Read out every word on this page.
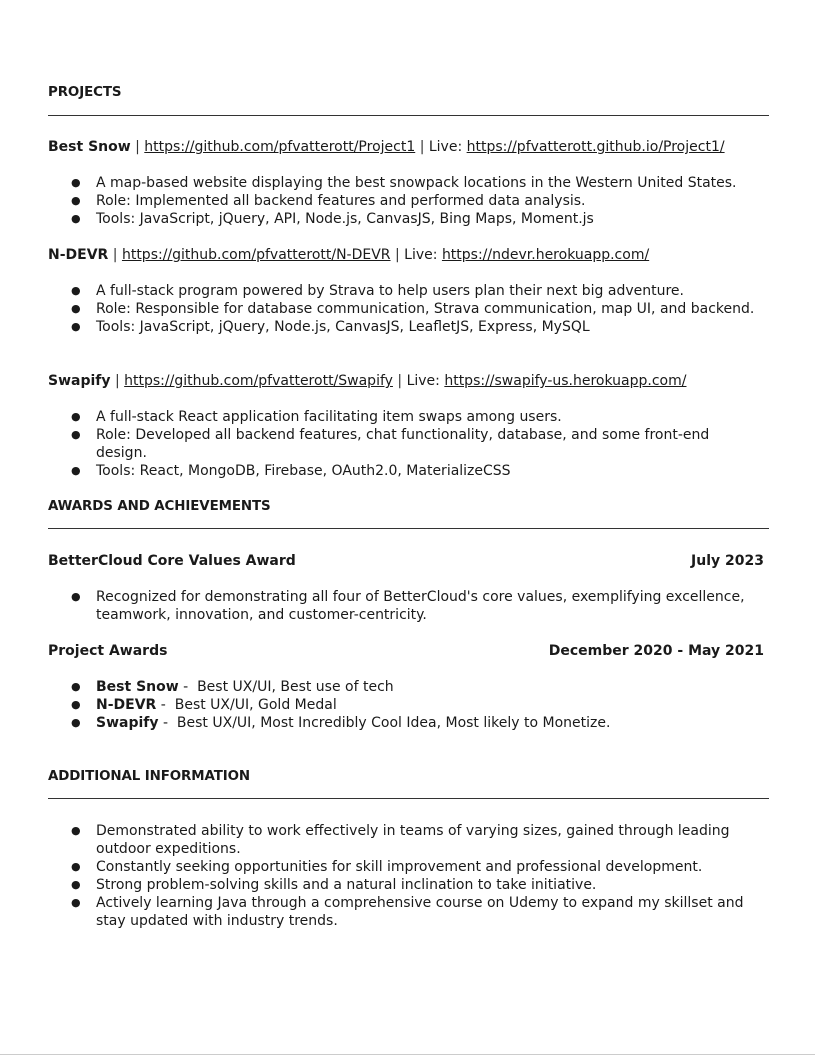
PROJECTS
Best Snow | https://github.com/pfvatterott/Project1 | Live: https://pfvatterott.github.io/Project1/
● A map-based website displaying the best snowpack locations in the Western United States.
● Role: Implemented all backend features and performed data analysis.
● Tools: JavaScript, jQuery, API, Node.js, CanvasJS, Bing Maps, Moment.js
N-DEVR | https://github.com/pfvatterott/N-DEVR | Live: https://ndevr.herokuapp.com/
● A full-stack program powered by Strava to help users plan their next big adventure.
● Role: Responsible for database communication, Strava communication, map UI, and backend.
● Tools: JavaScript, jQuery, Node.js, CanvasJS, LeafletJS, Express, MySQL
Swapify | https://github.com/pfvatterott/Swapify | Live: https://swapify-us.herokuapp.com/
● A full-stack React application facilitating item swaps among users.
● Role: Developed all backend features, chat functionality, database, and some front-end design.
● Tools: React, MongoDB, Firebase, OAuth2.0, MaterializeCSS
AWARDS AND ACHIEVEMENTS
BetterCloud Core Values Award	July 2023
● Recognized for demonstrating all four of BetterCloud's core values, exemplifying excellence, teamwork, innovation, and customer-centricity.
Project Awards	December 2020 - May 2021
● Best Snow -  Best UX/UI, Best use of tech
● N-DEVR -  Best UX/UI, Gold Medal
● Swapify -  Best UX/UI, Most Incredibly Cool Idea, Most likely to Monetize.
ADDITIONAL INFORMATION
● Demonstrated ability to work effectively in teams of varying sizes, gained through leading outdoor expeditions.
● Constantly seeking opportunities for skill improvement and professional development.
● Strong problem-solving skills and a natural inclination to take initiative.
● Actively learning Java through a comprehensive course on Udemy to expand my skillset and stay updated with industry trends.
